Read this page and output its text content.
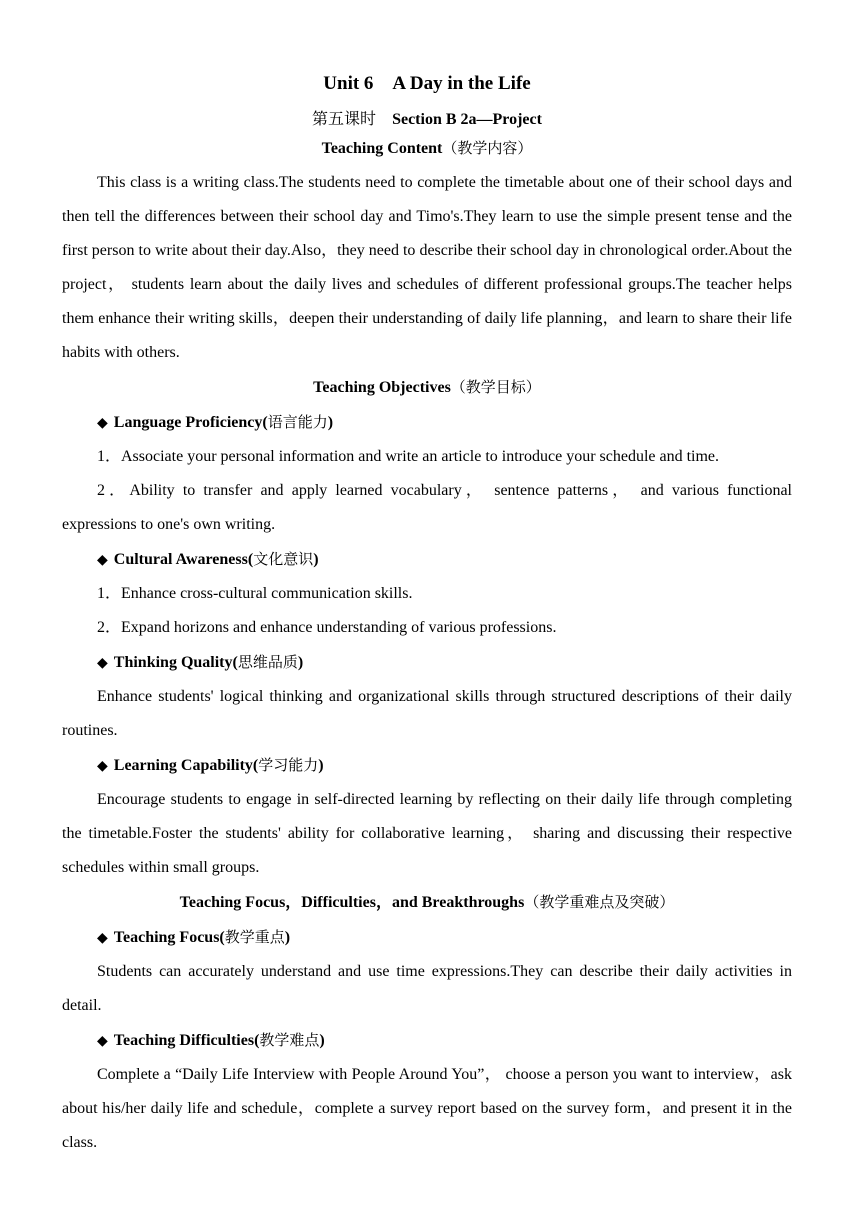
Unit 6　A Day in the Life
第五课时　Section B 2a—Project
Teaching Content（教学内容）

This class is a writing class.The students need to complete the timetable about one of their school days and then tell the differences between their school day and Timo's.They learn to use the simple present tense and the first person to write about their day.Also，they need to describe their school day in chronological order.About the project， students learn about the daily lives and schedules of different professional groups.The teacher helps them enhance their writing skills，deepen their understanding of daily life planning，and learn to share their life habits with others.

Teaching Objectives（教学目标）
◆ Language Proficiency(语言能力)

1．Associate your personal information and write an article to introduce your schedule and time.

2．Ability to transfer and apply learned vocabulary， sentence patterns， and various functional expressions to one's own writing.

◆ Cultural Awareness(文化意识)

1．Enhance cross‑cultural communication skills.

2．Expand horizons and enhance understanding of various professions.

◆ Thinking Quality(思维品质)

Enhance students' logical thinking and organizational skills through structured descriptions of their daily routines.

◆ Learning Capability(学习能力)

Encourage students to engage in self-directed learning by reflecting on their daily life through completing the timetable.Foster the students' ability for collaborative learning， sharing and discussing their respective schedules within small groups.

Teaching Focus，Difficulties，and Breakthroughs（教学重难点及突破）
◆ Teaching Focus(教学重点)

Students can accurately understand and use time expressions.They can describe their daily activities in detail.

◆ Teaching Difficulties(教学难点)

Complete a “Daily Life Interview with People Around You”， choose a person you want to interview，ask about his/her daily life and schedule，complete a survey report based on the survey form，and present it in the class.
